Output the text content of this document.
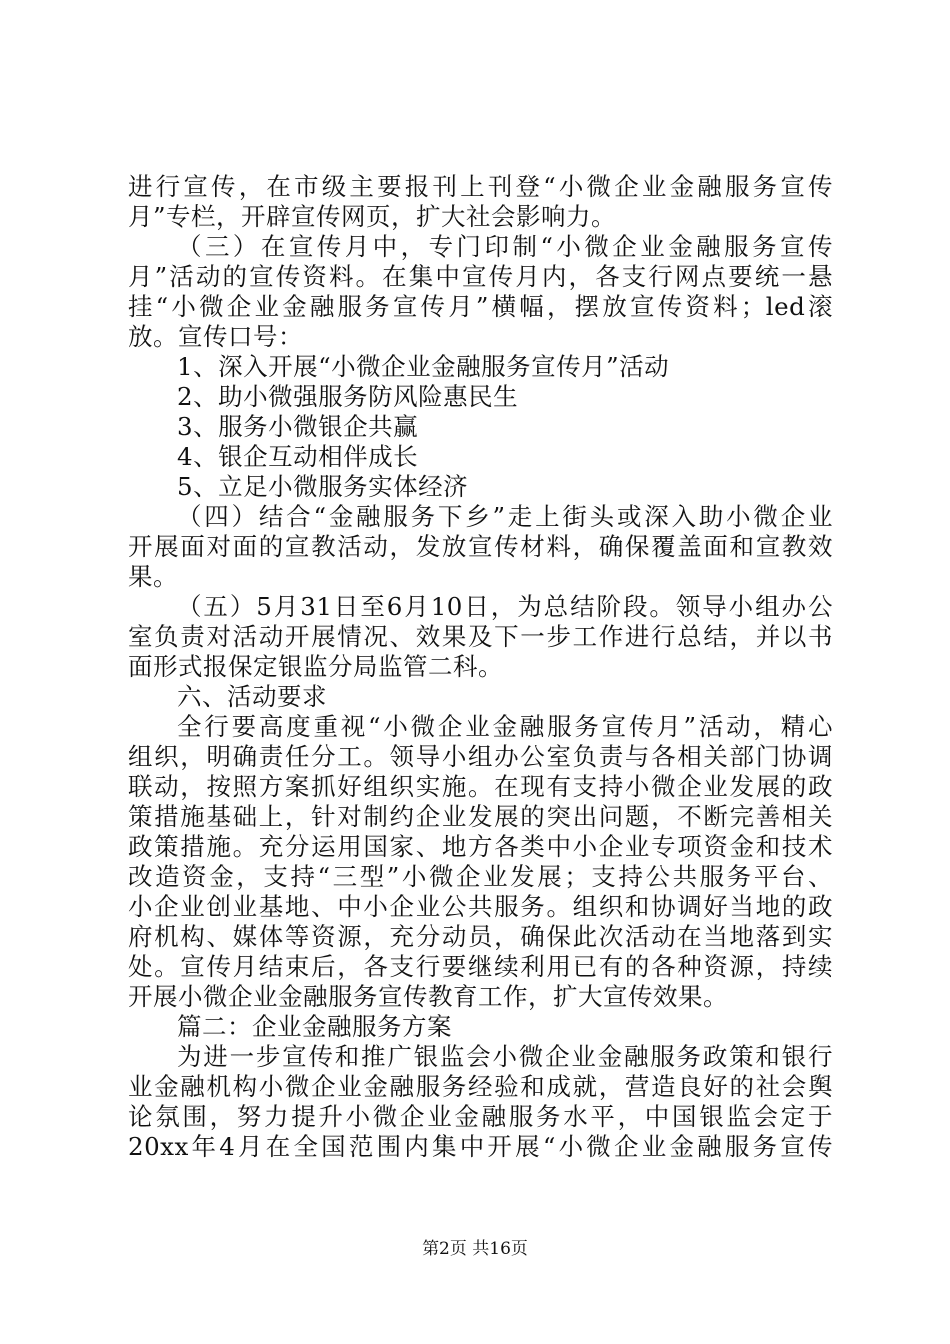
进行宣传，在市级主要报刊上刊登“小微企业金融服务宣传
月”专栏，开辟宣传网页，扩大社会影响力。
（三）在宣传月中，专门印制“小微企业金融服务宣传
月”活动的宣传资料。在集中宣传月内，各支行网点要统一悬
挂“小微企业金融服务宣传月”横幅，摆放宣传资料；led滚
放。宣传口号：
1、深入开展“小微企业金融服务宣传月”活动
2、助小微强服务防风险惠民生
3、服务小微银企共赢
4、银企互动相伴成长
5、立足小微服务实体经济
（四）结合“金融服务下乡”走上街头或深入助小微企业
开展面对面的宣教活动，发放宣传材料，确保覆盖面和宣教效
果。
（五）5月31日至6月10日，为总结阶段。领导小组办公
室负责对活动开展情况、效果及下一步工作进行总结，并以书
面形式报保定银监分局监管二科。
六、活动要求
全行要高度重视“小微企业金融服务宣传月”活动，精心
组织，明确责任分工。领导小组办公室负责与各相关部门协调
联动，按照方案抓好组织实施。在现有支持小微企业发展的政
策措施基础上，针对制约企业发展的突出问题，不断完善相关
政策措施。充分运用国家、地方各类中小企业专项资金和技术
改造资金，支持“三型”小微企业发展；支持公共服务平台、
小企业创业基地、中小企业公共服务。组织和协调好当地的政
府机构、媒体等资源，充分动员，确保此次活动在当地落到实
处。宣传月结束后，各支行要继续利用已有的各种资源，持续
开展小微企业金融服务宣传教育工作，扩大宣传效果。
篇二：企业金融服务方案
为进一步宣传和推广银监会小微企业金融服务政策和银行
业金融机构小微企业金融服务经验和成就，营造良好的社会舆
论氛围，努力提升小微企业金融服务水平，中国银监会定于
20xx年4月在全国范围内集中开展“小微企业金融服务宣传
第2页 共16页
